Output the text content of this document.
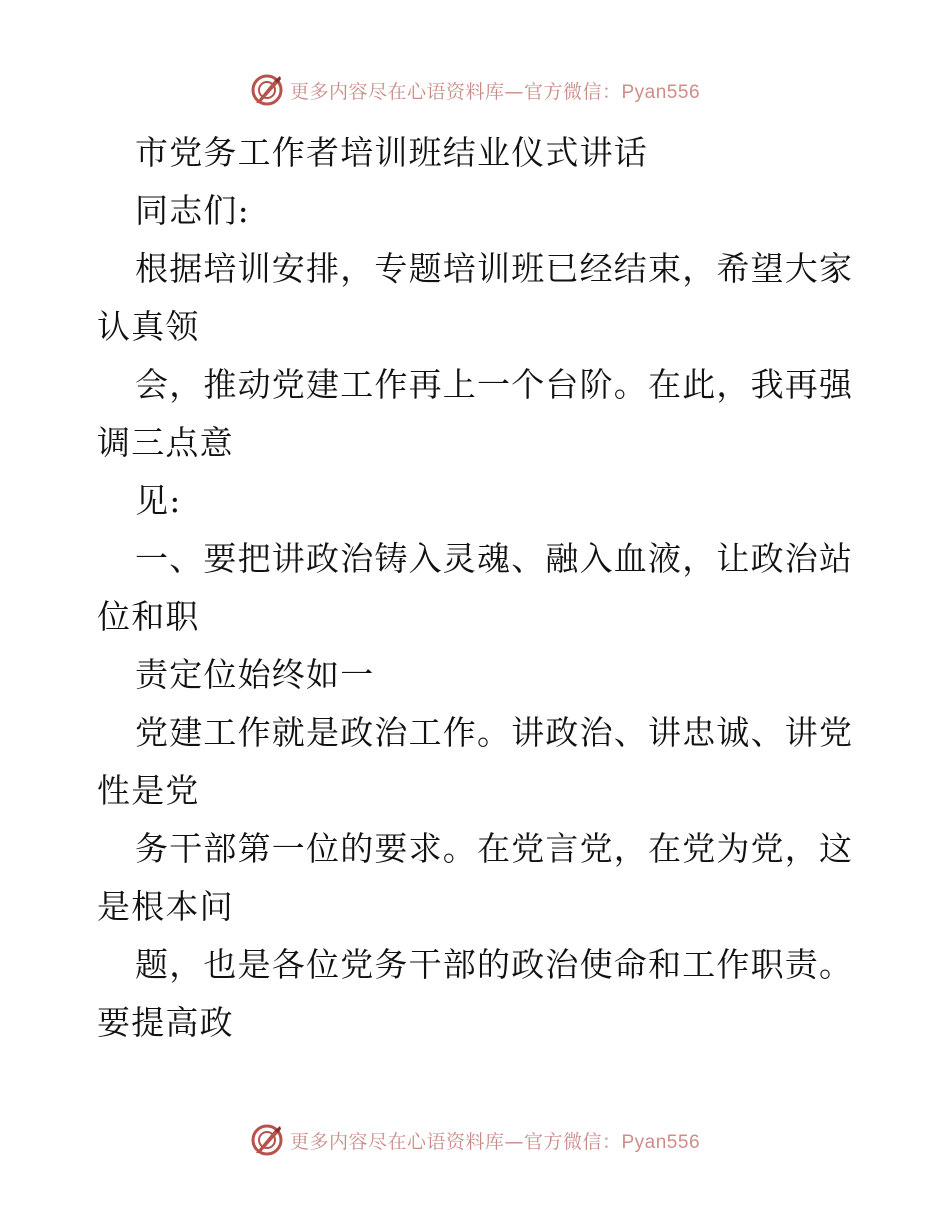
更多内容尽在心语资料库—官方微信：Pyan556
市党务工作者培训班结业仪式讲话
同志们:
根据培训安排，专题培训班已经结束，希望大家
认真领
会，推动党建工作再上一个台阶。在此，我再强
调三点意
见:
一、要把讲政治铸入灵魂、融入血液，让政治站
位和职
责定位始终如一
党建工作就是政治工作。讲政治、讲忠诚、讲党
性是党
务干部第一位的要求。在党言党，在党为党，这
是根本问
题，也是各位党务干部的政治使命和工作职责。
要提高政
更多内容尽在心语资料库—官方微信：Pyan556
